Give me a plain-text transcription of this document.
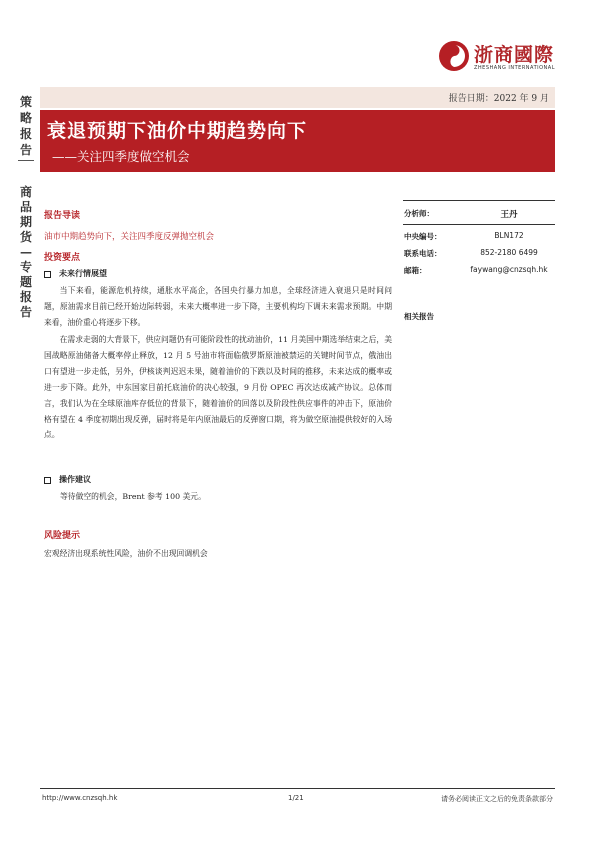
浙商國際
ZHESHANG INTERNATIONAL
报告日期：2022 年 9 月
策略报告
商品期货—专题报告
衰退预期下油价中期趋势向下
——关注四季度做空机会
分析师：	王丹
中央编号：	BLN172
联系电话：	852-2180 6499
邮箱：	faywang@cnzsqh.hk
相关报告
报告导读
油市中期趋势向下，关注四季度反弹抛空机会
投资要点
未来行情展望

当下来看，能源危机持续，通胀水平高企，各国央行暴力加息，全球经济进入衰退只是时间问题，原油需求目前已经开始边际转弱，未来大概率进一步下降，主要机构均下调未来需求预期。中期来看，油价重心将逐步下移。

在需求走弱的大背景下，供应问题仍有可能阶段性的扰动油价，11 月美国中期选举结束之后，美国战略原油储备大概率停止释放，12 月 5 号油市将面临俄罗斯原油被禁运的关键时间节点，俄油出口有望进一步走低，另外，伊核谈判迟迟未果，随着油价的下跌以及时间的推移，未来达成的概率或进一步下降。此外，中东国家目前托底油价的决心较强，9 月份 OPEC 再次达成减产协议。总体而言，我们认为在全球原油库存低位的背景下，随着油价的回落以及阶段性供应事件的冲击下，原油价格有望在 4 季度初期出现反弹，届时将是年内原油最后的反弹窗口期，将为做空原油提供较好的入场点。

操作建议
等待做空的机会，Brent 参考 100 美元。
风险提示
宏观经济出现系统性风险，油价不出现回调机会
http://www.cnzsqh.hk	1/21	请务必阅读正文之后的免责条款部分
